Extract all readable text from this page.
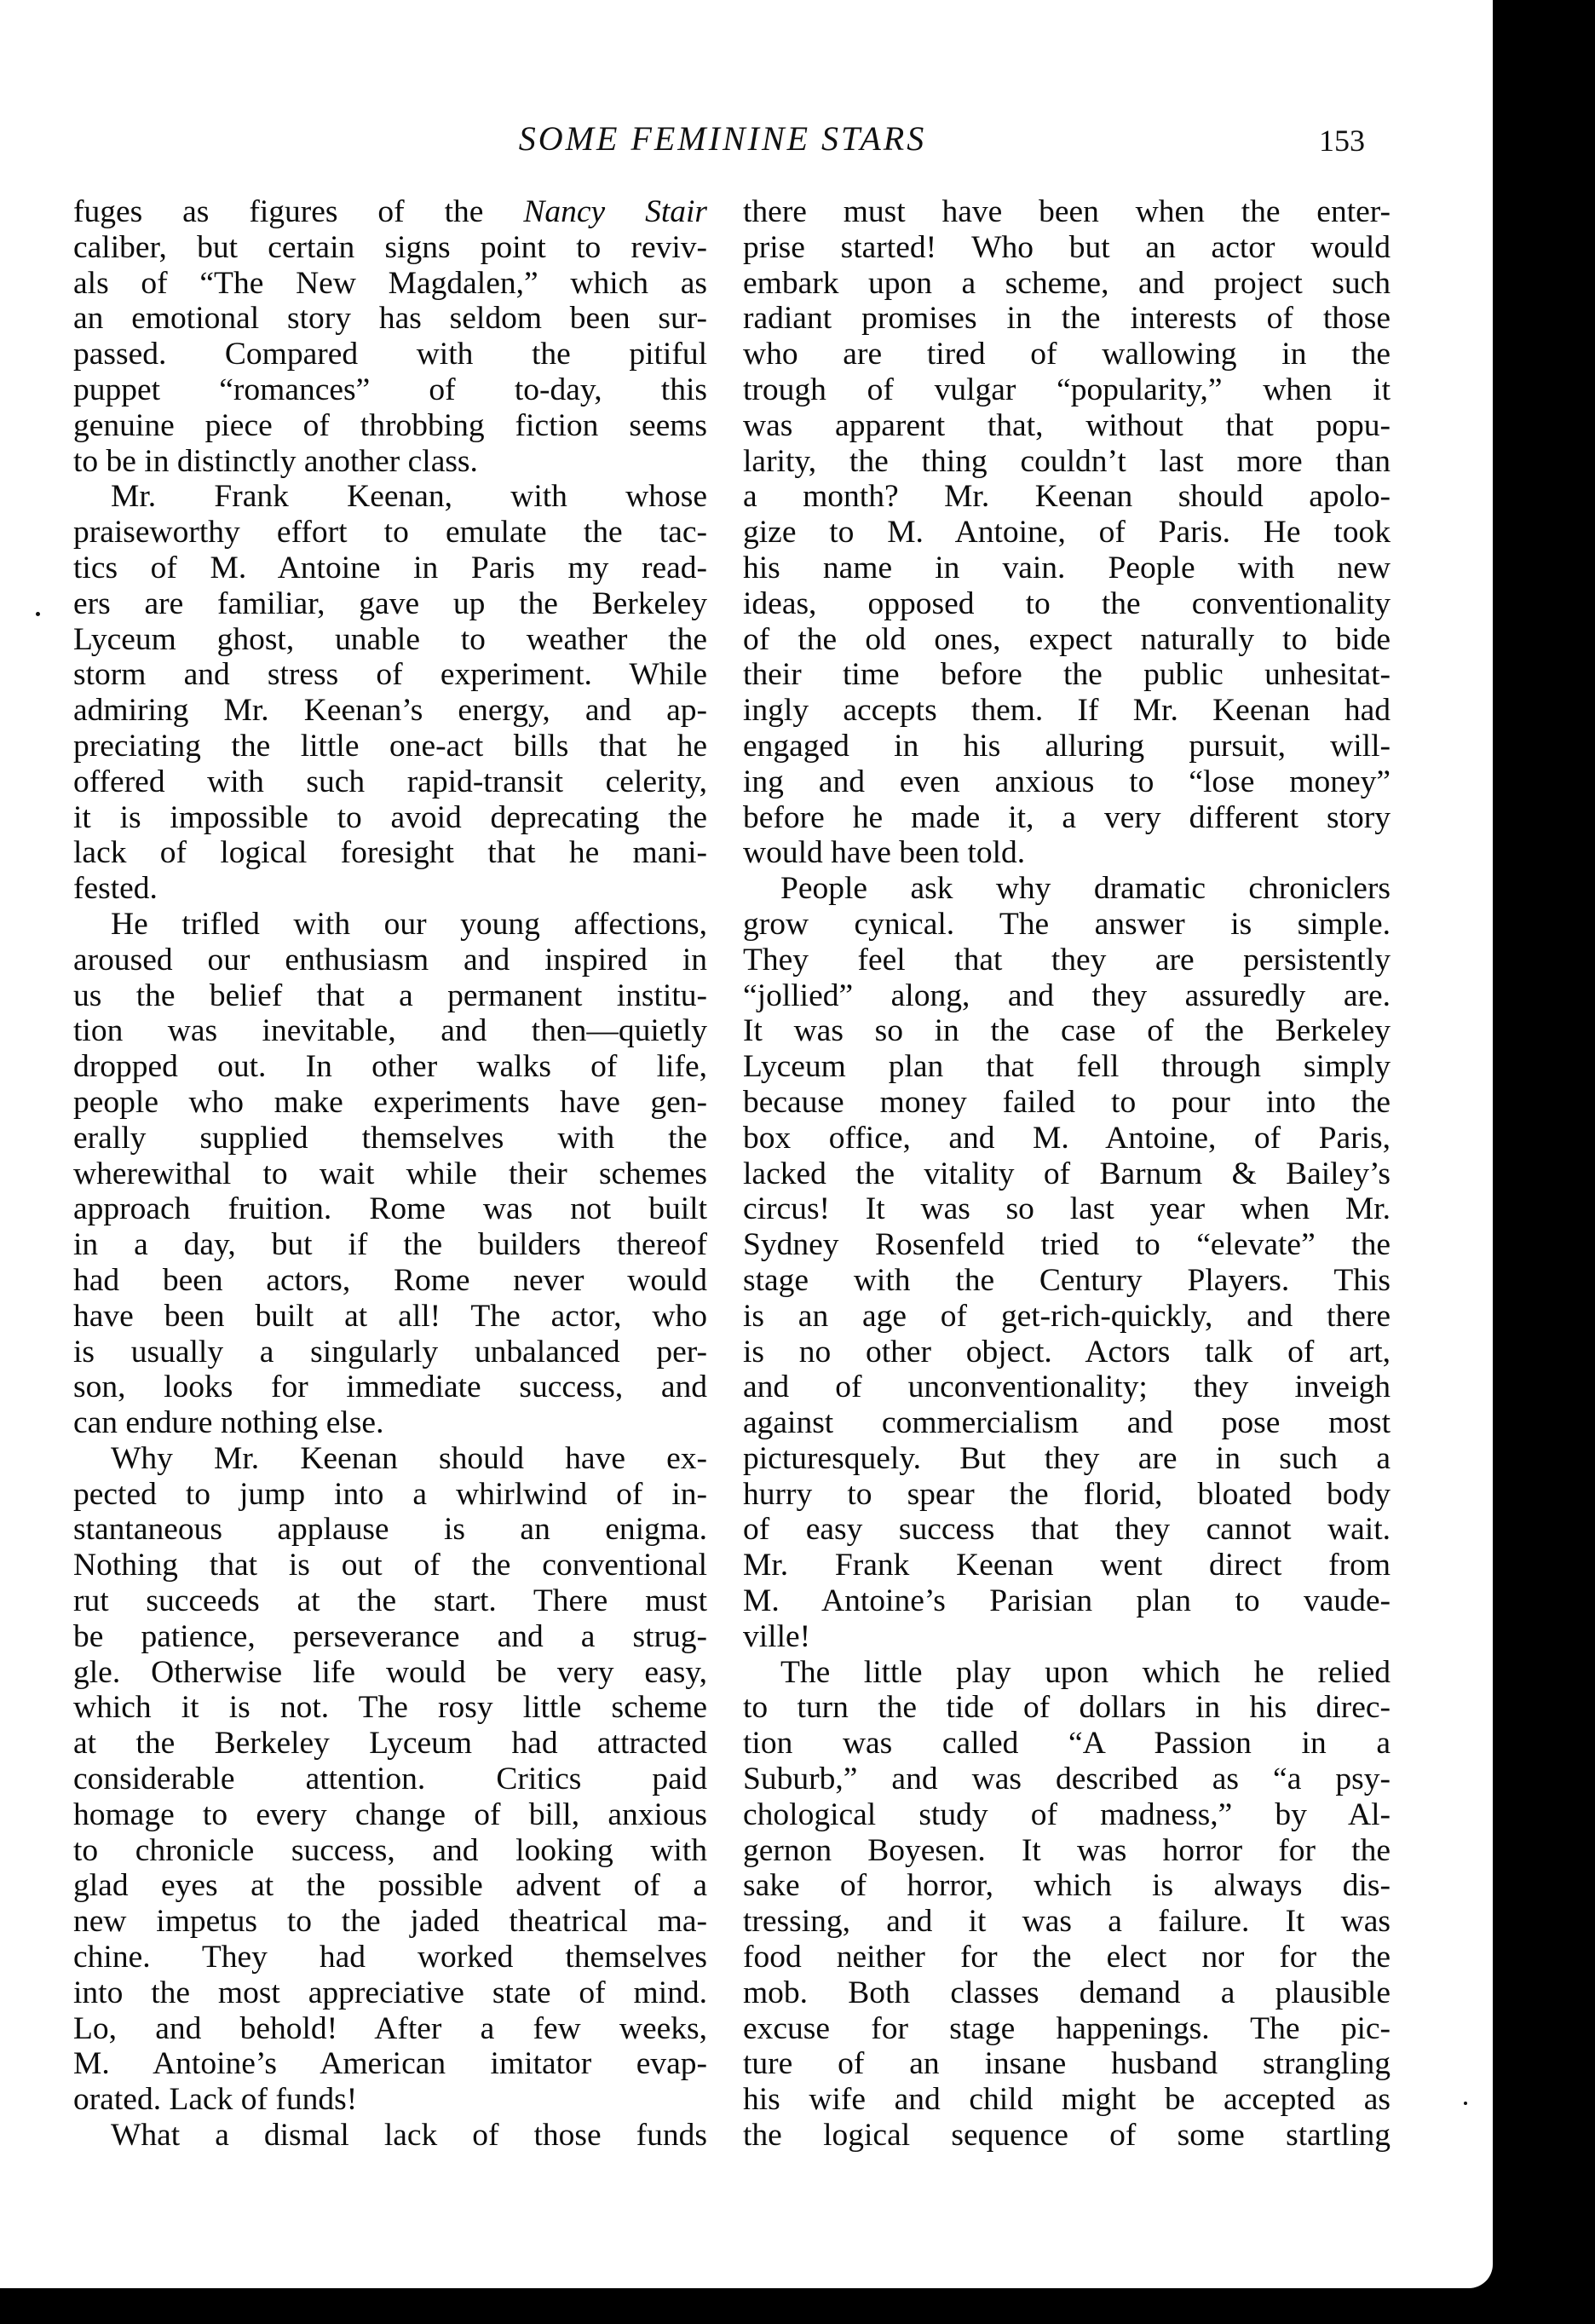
SOME FEMININE STARS	153
fuges as figures of the Nancy Stair
caliber, but certain signs point to reviv-
als of “The New Magdalen,” which as
an emotional story has seldom been sur-
passed. Compared with the pitiful
puppet “romances” of to-day, this
genuine piece of throbbing fiction seems
to be in distinctly another class.
Mr. Frank Keenan, with whose
praiseworthy effort to emulate the tac-
tics of M. Antoine in Paris my read-
ers are familiar, gave up the Berkeley
Lyceum ghost, unable to weather the
storm and stress of experiment. While
admiring Mr. Keenan’s energy, and ap-
preciating the little one-act bills that he
offered with such rapid-transit celerity,
it is impossible to avoid deprecating the
lack of logical foresight that he mani-
fested.
He trifled with our young affections,
aroused our enthusiasm and inspired in
us the belief that a permanent institu-
tion was inevitable, and then—quietly
dropped out. In other walks of life,
people who make experiments have gen-
erally supplied themselves with the
wherewithal to wait while their schemes
approach fruition. Rome was not built
in a day, but if the builders thereof
had been actors, Rome never would
have been built at all! The actor, who
is usually a singularly unbalanced per-
son, looks for immediate success, and
can endure nothing else.
Why Mr. Keenan should have ex-
pected to jump into a whirlwind of in-
stantaneous applause is an enigma.
Nothing that is out of the conventional
rut succeeds at the start. There must
be patience, perseverance and a strug-
gle. Otherwise life would be very easy,
which it is not. The rosy little scheme
at the Berkeley Lyceum had attracted
considerable attention. Critics paid
homage to every change of bill, anxious
to chronicle success, and looking with
glad eyes at the possible advent of a
new impetus to the jaded theatrical ma-
chine. They had worked themselves
into the most appreciative state of mind.
Lo, and behold! After a few weeks,
M. Antoine’s American imitator evap-
orated. Lack of funds!
What a dismal lack of those funds
there must have been when the enter-
prise started! Who but an actor would
embark upon a scheme, and project such
radiant promises in the interests of those
who are tired of wallowing in the
trough of vulgar “popularity,” when it
was apparent that, without that popu-
larity, the thing couldn’t last more than
a month? Mr. Keenan should apolo-
gize to M. Antoine, of Paris. He took
his name in vain. People with new
ideas, opposed to the conventionality
of the old ones, expect naturally to bide
their time before the public unhesitat-
ingly accepts them. If Mr. Keenan had
engaged in his alluring pursuit, will-
ing and even anxious to “lose money”
before he made it, a very different story
would have been told.
People ask why dramatic chroniclers
grow cynical. The answer is simple.
They feel that they are persistently
“jollied” along, and they assuredly are.
It was so in the case of the Berkeley
Lyceum plan that fell through simply
because money failed to pour into the
box office, and M. Antoine, of Paris,
lacked the vitality of Barnum & Bailey’s
circus! It was so last year when Mr.
Sydney Rosenfeld tried to “elevate” the
stage with the Century Players. This
is an age of get-rich-quickly, and there
is no other object. Actors talk of art,
and of unconventionality; they inveigh
against commercialism and pose most
picturesquely. But they are in such a
hurry to spear the florid, bloated body
of easy success that they cannot wait.
Mr. Frank Keenan went direct from
M. Antoine’s Parisian plan to vaude-
ville!
The little play upon which he relied
to turn the tide of dollars in his direc-
tion was called “A Passion in a
Suburb,” and was described as “a psy-
chological study of madness,” by Al-
gernon Boyesen. It was horror for the
sake of horror, which is always dis-
tressing, and it was a failure. It was
food neither for the elect nor for the
mob. Both classes demand a plausible
excuse for stage happenings. The pic-
ture of an insane husband strangling
his wife and child might be accepted as
the logical sequence of some startling
